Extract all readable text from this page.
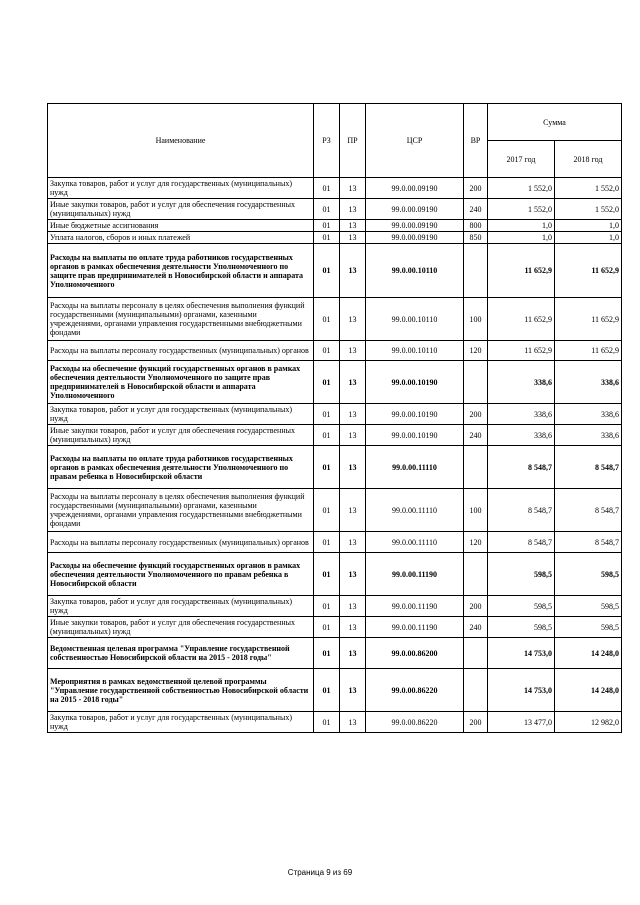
Наименование	РЗ	ПР	ЦСР	ВР	Сумма	
					2017 год	2018 год
Закупка товаров, работ и услуг для государственных (муниципальных) нужд	01	13	99.0.00.09190	200	1 552,0	1 552,0
Иные закупки товаров, работ и услуг для обеспечения государственных (муниципальных) нужд	01	13	99.0.00.09190	240	1 552,0	1 552,0
Иные бюджетные ассигнования	01	13	99.0.00.09190	800	1,0	1,0
Уплата налогов, сборов и иных платежей	01	13	99.0.00.09190	850	1,0	1,0
Расходы на выплаты по оплате труда работников государственных органов в рамках обеспечения деятельности Уполномоченного по защите прав предпринимателей в Новосибирской области и аппарата Уполномоченного	01	13	99.0.00.10110		11 652,9	11 652,9
Расходы на выплаты персоналу в целях обеспечения выполнения функций государственными (муниципальными) органами, казенными учреждениями, органами управления государственными внебюджетными фондами	01	13	99.0.00.10110	100	11 652,9	11 652,9
Расходы на выплаты персоналу государственных (муниципальных) органов	01	13	99.0.00.10110	120	11 652,9	11 652,9
Расходы на обеспечение функций государственных органов в рамках обеспечения деятельности Уполномоченного по защите прав предпринимателей в Новосибирской области и аппарата Уполномоченного	01	13	99.0.00.10190		338,6	338,6
Закупка товаров, работ и услуг для государственных (муниципальных) нужд	01	13	99.0.00.10190	200	338,6	338,6
Иные закупки товаров, работ и услуг для обеспечения государственных (муниципальных) нужд	01	13	99.0.00.10190	240	338,6	338,6
Расходы на выплаты по оплате труда работников государственных органов в рамках обеспечения деятельности Уполномоченного по правам ребенка в Новосибирской области	01	13	99.0.00.11110		8 548,7	8 548,7
Расходы на выплаты персоналу в целях обеспечения выполнения функций государственными (муниципальными) органами, казенными учреждениями, органами управления государственными внебюджетными фондами	01	13	99.0.00.11110	100	8 548,7	8 548,7
Расходы на выплаты персоналу государственных (муниципальных) органов	01	13	99.0.00.11110	120	8 548,7	8 548,7
Расходы на обеспечение функций государственных органов в рамках обеспечения деятельности Уполномоченного по правам ребенка в Новосибирской области	01	13	99.0.00.11190		598,5	598,5
Закупка товаров, работ и услуг для государственных (муниципальных) нужд	01	13	99.0.00.11190	200	598,5	598,5
Иные закупки товаров, работ и услуг для обеспечения государственных (муниципальных) нужд	01	13	99.0.00.11190	240	598,5	598,5
Ведомственная целевая программа "Управление государственной собственностью Новосибирской области на 2015 - 2018 годы"	01	13	99.0.00.86200		14 753,0	14 248,0
Мероприятия в рамках ведомственной целевой программы "Управление государственной собственностью Новосибирской области на 2015 - 2018 годы"	01	13	99.0.00.86220		14 753,0	14 248,0
Закупка товаров, работ и услуг для государственных (муниципальных) нужд	01	13	99.0.00.86220	200	13 477,0	12 982,0
Страница 9 из 69
